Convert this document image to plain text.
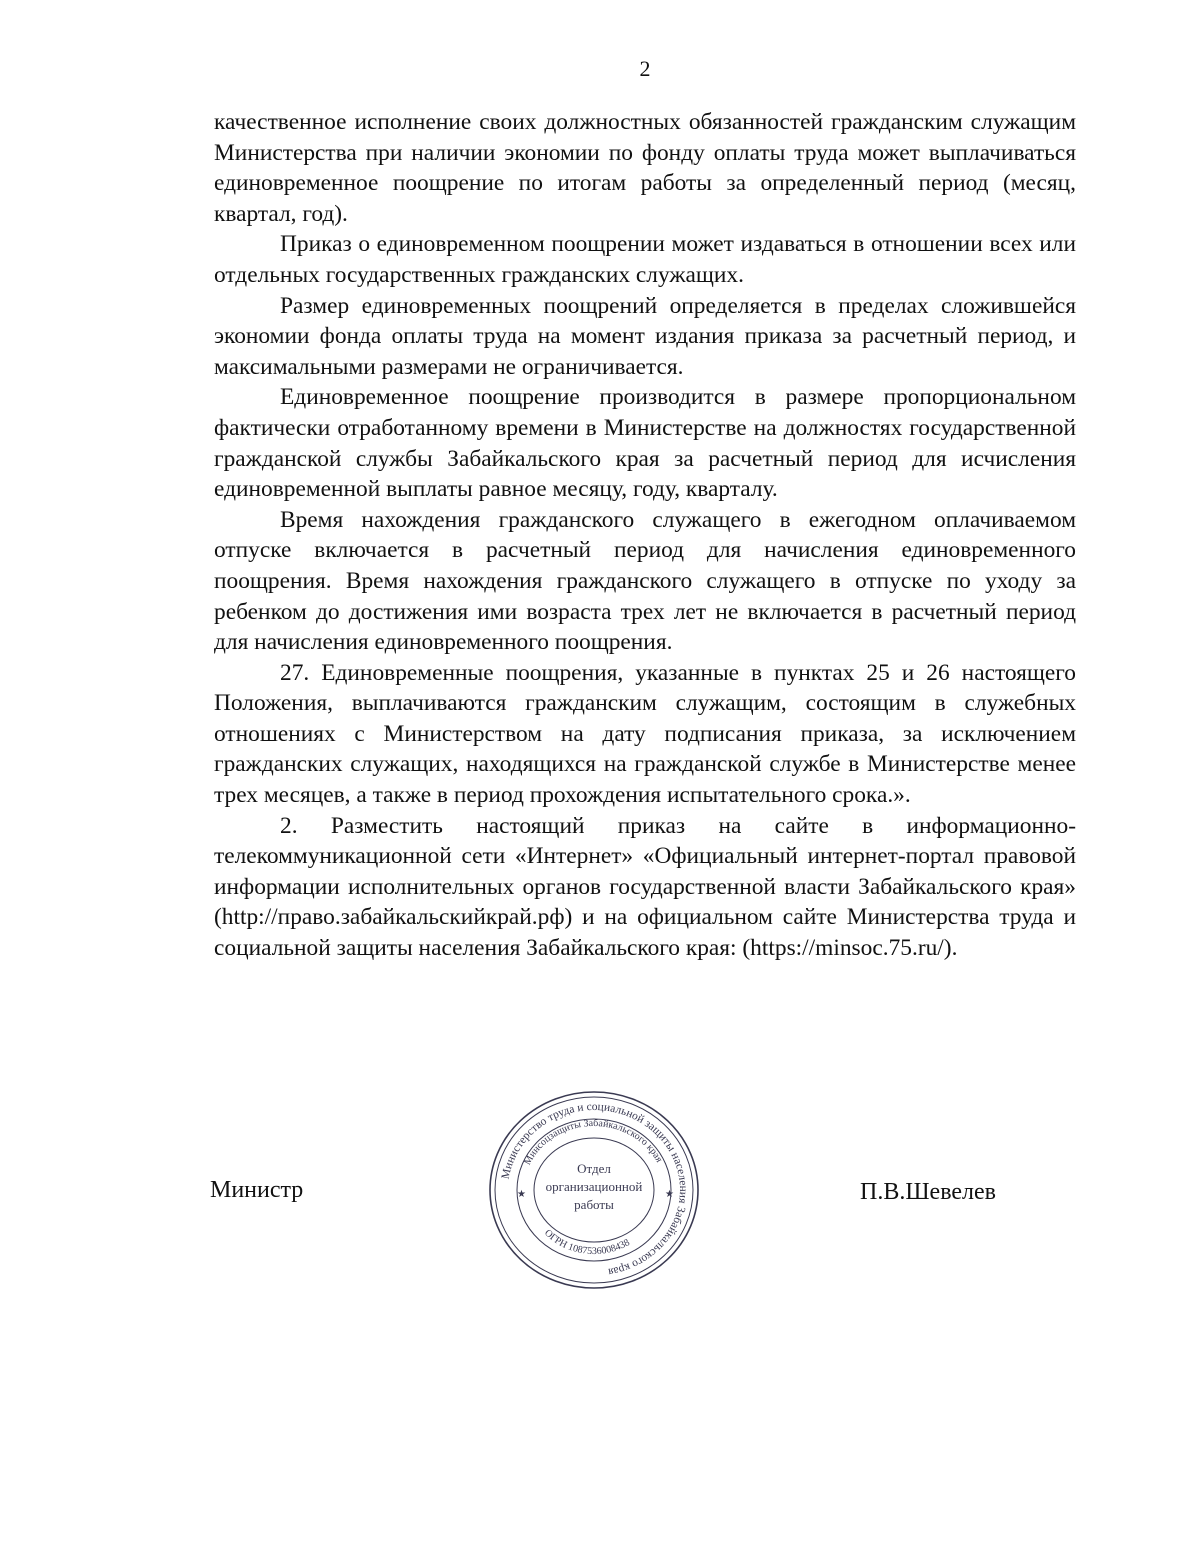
2

качественное исполнение своих должностных обязанностей гражданским служащим Министерства при наличии экономии по фонду оплаты труда может выплачиваться единовременное поощрение по итогам работы за определенный период (месяц, квартал, год).

Приказ о единовременном поощрении может издаваться в отношении всех или отдельных государственных гражданских служащих.

Размер единовременных поощрений определяется в пределах сложившейся экономии фонда оплаты труда на момент издания приказа за расчетный период, и максимальными размерами не ограничивается.

Единовременное поощрение производится в размере пропорциональном фактически отработанному времени в Министерстве на должностях государственной гражданской службы Забайкальского края за расчетный период для исчисления единовременной выплаты равное месяцу, году, кварталу.

Время нахождения гражданского служащего в ежегодном оплачиваемом отпуске включается в расчетный период для начисления единовременного поощрения. Время нахождения гражданского служащего в отпуске по уходу за ребенком до достижения ими возраста трех лет не включается в расчетный период для начисления единовременного поощрения.

27. Единовременные поощрения, указанные в пунктах 25 и 26 настоящего Положения, выплачиваются гражданским служащим, состоящим в служебных отношениях с Министерством на дату подписания приказа, за исключением гражданских служащих, находящихся на гражданской службе в Министерстве менее трех месяцев, а также в период прохождения испытательного срока.».

2. Разместить настоящий приказ на сайте в информационно-телекоммуникационной сети «Интернет» «Официальный интернет-портал правовой информации исполнительных органов государственной власти Забайкальского края» (http://право.забайкальскийкрай.рф) и на официальном сайте Министерства труда и социальной защиты населения Забайкальского края: (https://minsoc.75.ru/).

Министр	П.В.Шевелев
Министерство труда и социальной защиты населения Забайкальского края
Минсоцзащиты Забайкальского края
ОГРН 1087536008438
Отдел
организационной
работы
★	★
